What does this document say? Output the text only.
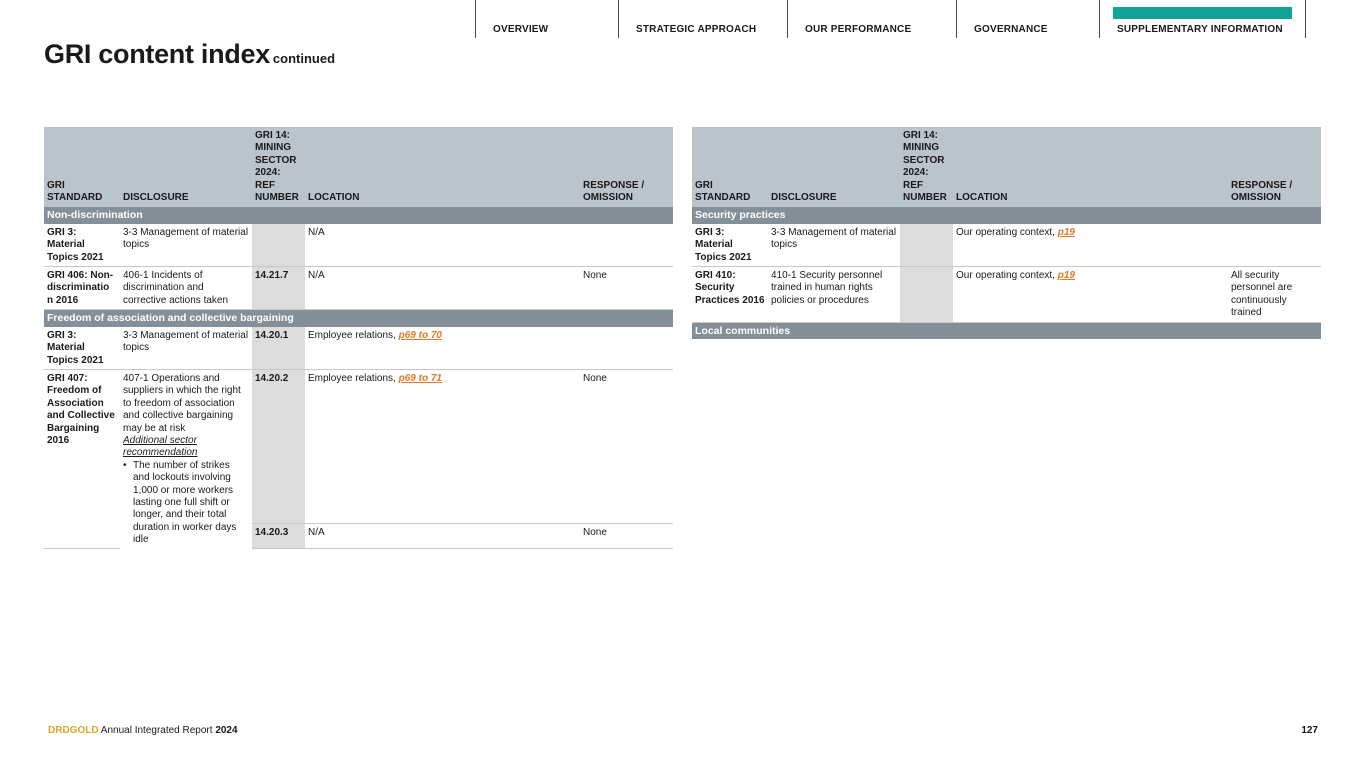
OVERVIEW	STRATEGIC APPROACH	OUR PERFORMANCE	GOVERNANCE	SUPPLEMENTARY INFORMATION
GRI content index continued
GRI STANDARD	DISCLOSURE	GRI 14: MINING SECTOR 2024: REF NUMBER	LOCATION	RESPONSE / OMISSION
Non-discrimination				
GRI 3: Material Topics 2021	3-3 Management of material topics		N/A	
GRI 406: Non-discriminatio n 2016	406-1 Incidents of discrimination and corrective actions taken	14.21.7	N/A	None
Freedom of association and collective bargaining				
GRI 3: Material Topics 2021	3-3 Management of material topics	14.20.1	Employee relations, p69 to 70	
GRI 407: Freedom of Association and Collective Bargaining 2016	407-1 Operations and suppliers in which the right to freedom of association and collective bargaining may be at risk
Additional sector recommendation
• The number of strikes and lockouts involving 1,000 or more workers lasting one full shift or longer, and their total duration in worker days idle	14.20.2	Employee relations, p69 to 71	None
		14.20.3	N/A	None
GRI STANDARD	DISCLOSURE	GRI 14: MINING SECTOR 2024: REF NUMBER	LOCATION	RESPONSE / OMISSION
Security practices				
GRI 3: Material Topics 2021	3-3 Management of material topics		Our operating context, p19	
GRI 410: Security Practices 2016	410-1 Security personnel trained in human rights policies or procedures		Our operating context, p19	All security personnel are continuously trained
Local communities				
DRDGOLD Annual Integrated Report 2024	127
